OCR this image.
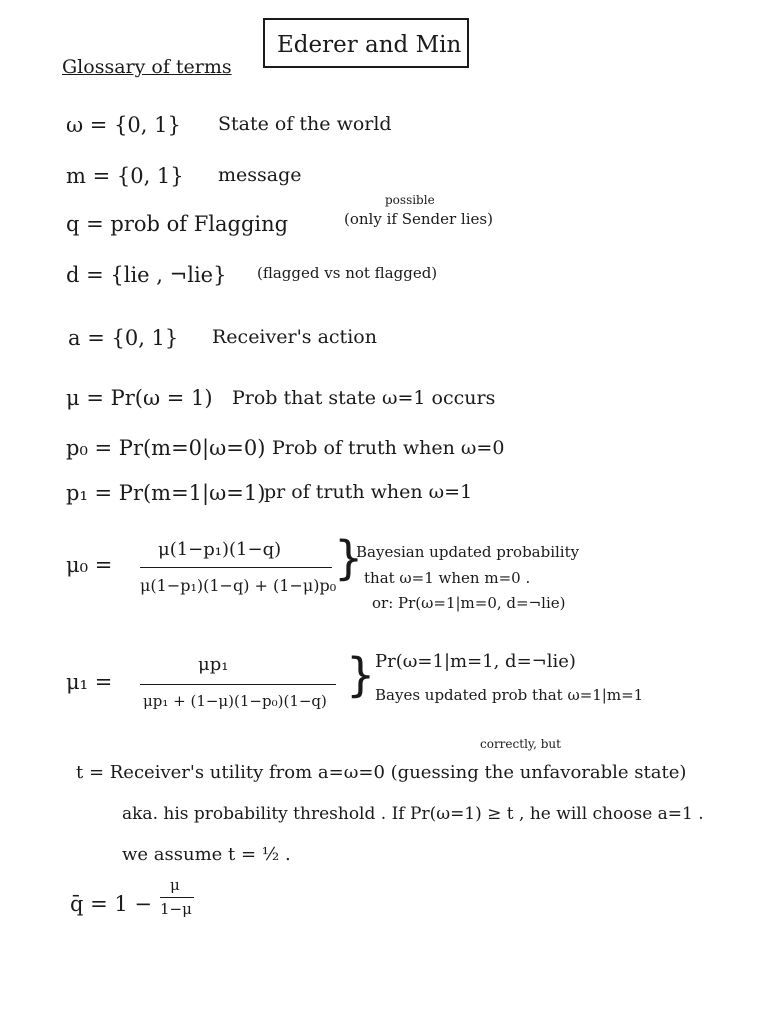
Ederer and Min
Glossary of terms
ω = {0, 1} State of the world
m = {0, 1} message
q = prob of Flagging
possible
(only if Sender lies)
d = {lie , ¬lie} (flagged vs not flagged)
a = {0, 1} Receiver's action
μ = Pr(ω = 1) Prob that state ω=1 occurs
p₀ = Pr(m=0|ω=0) Prob of truth when ω=0
p₁ = Pr(m=1|ω=1)
pr of truth when ω=1
μ₀ =
μ(1−p₁)(1−q)
μ(1−p₁)(1−q) + (1−μ)p₀
}
Bayesian updated probability
that ω=1 when m=0 .
or: Pr(ω=1|m=0, d=¬lie)
μ₁ =
μp₁
μp₁ + (1−μ)(1−p₀)(1−q) } Pr(ω=1|m=1, d=¬lie)
Bayes updated prob that ω=1|m=1
correctly, but
t = Receiver's utility from a=ω=0 (guessing the unfavorable state)
aka. his probability threshold . If Pr(ω=1) ≥ t , he will choose a=1 .
we assume t = ½ .
q̄ = 1 −
μ
1−μ
